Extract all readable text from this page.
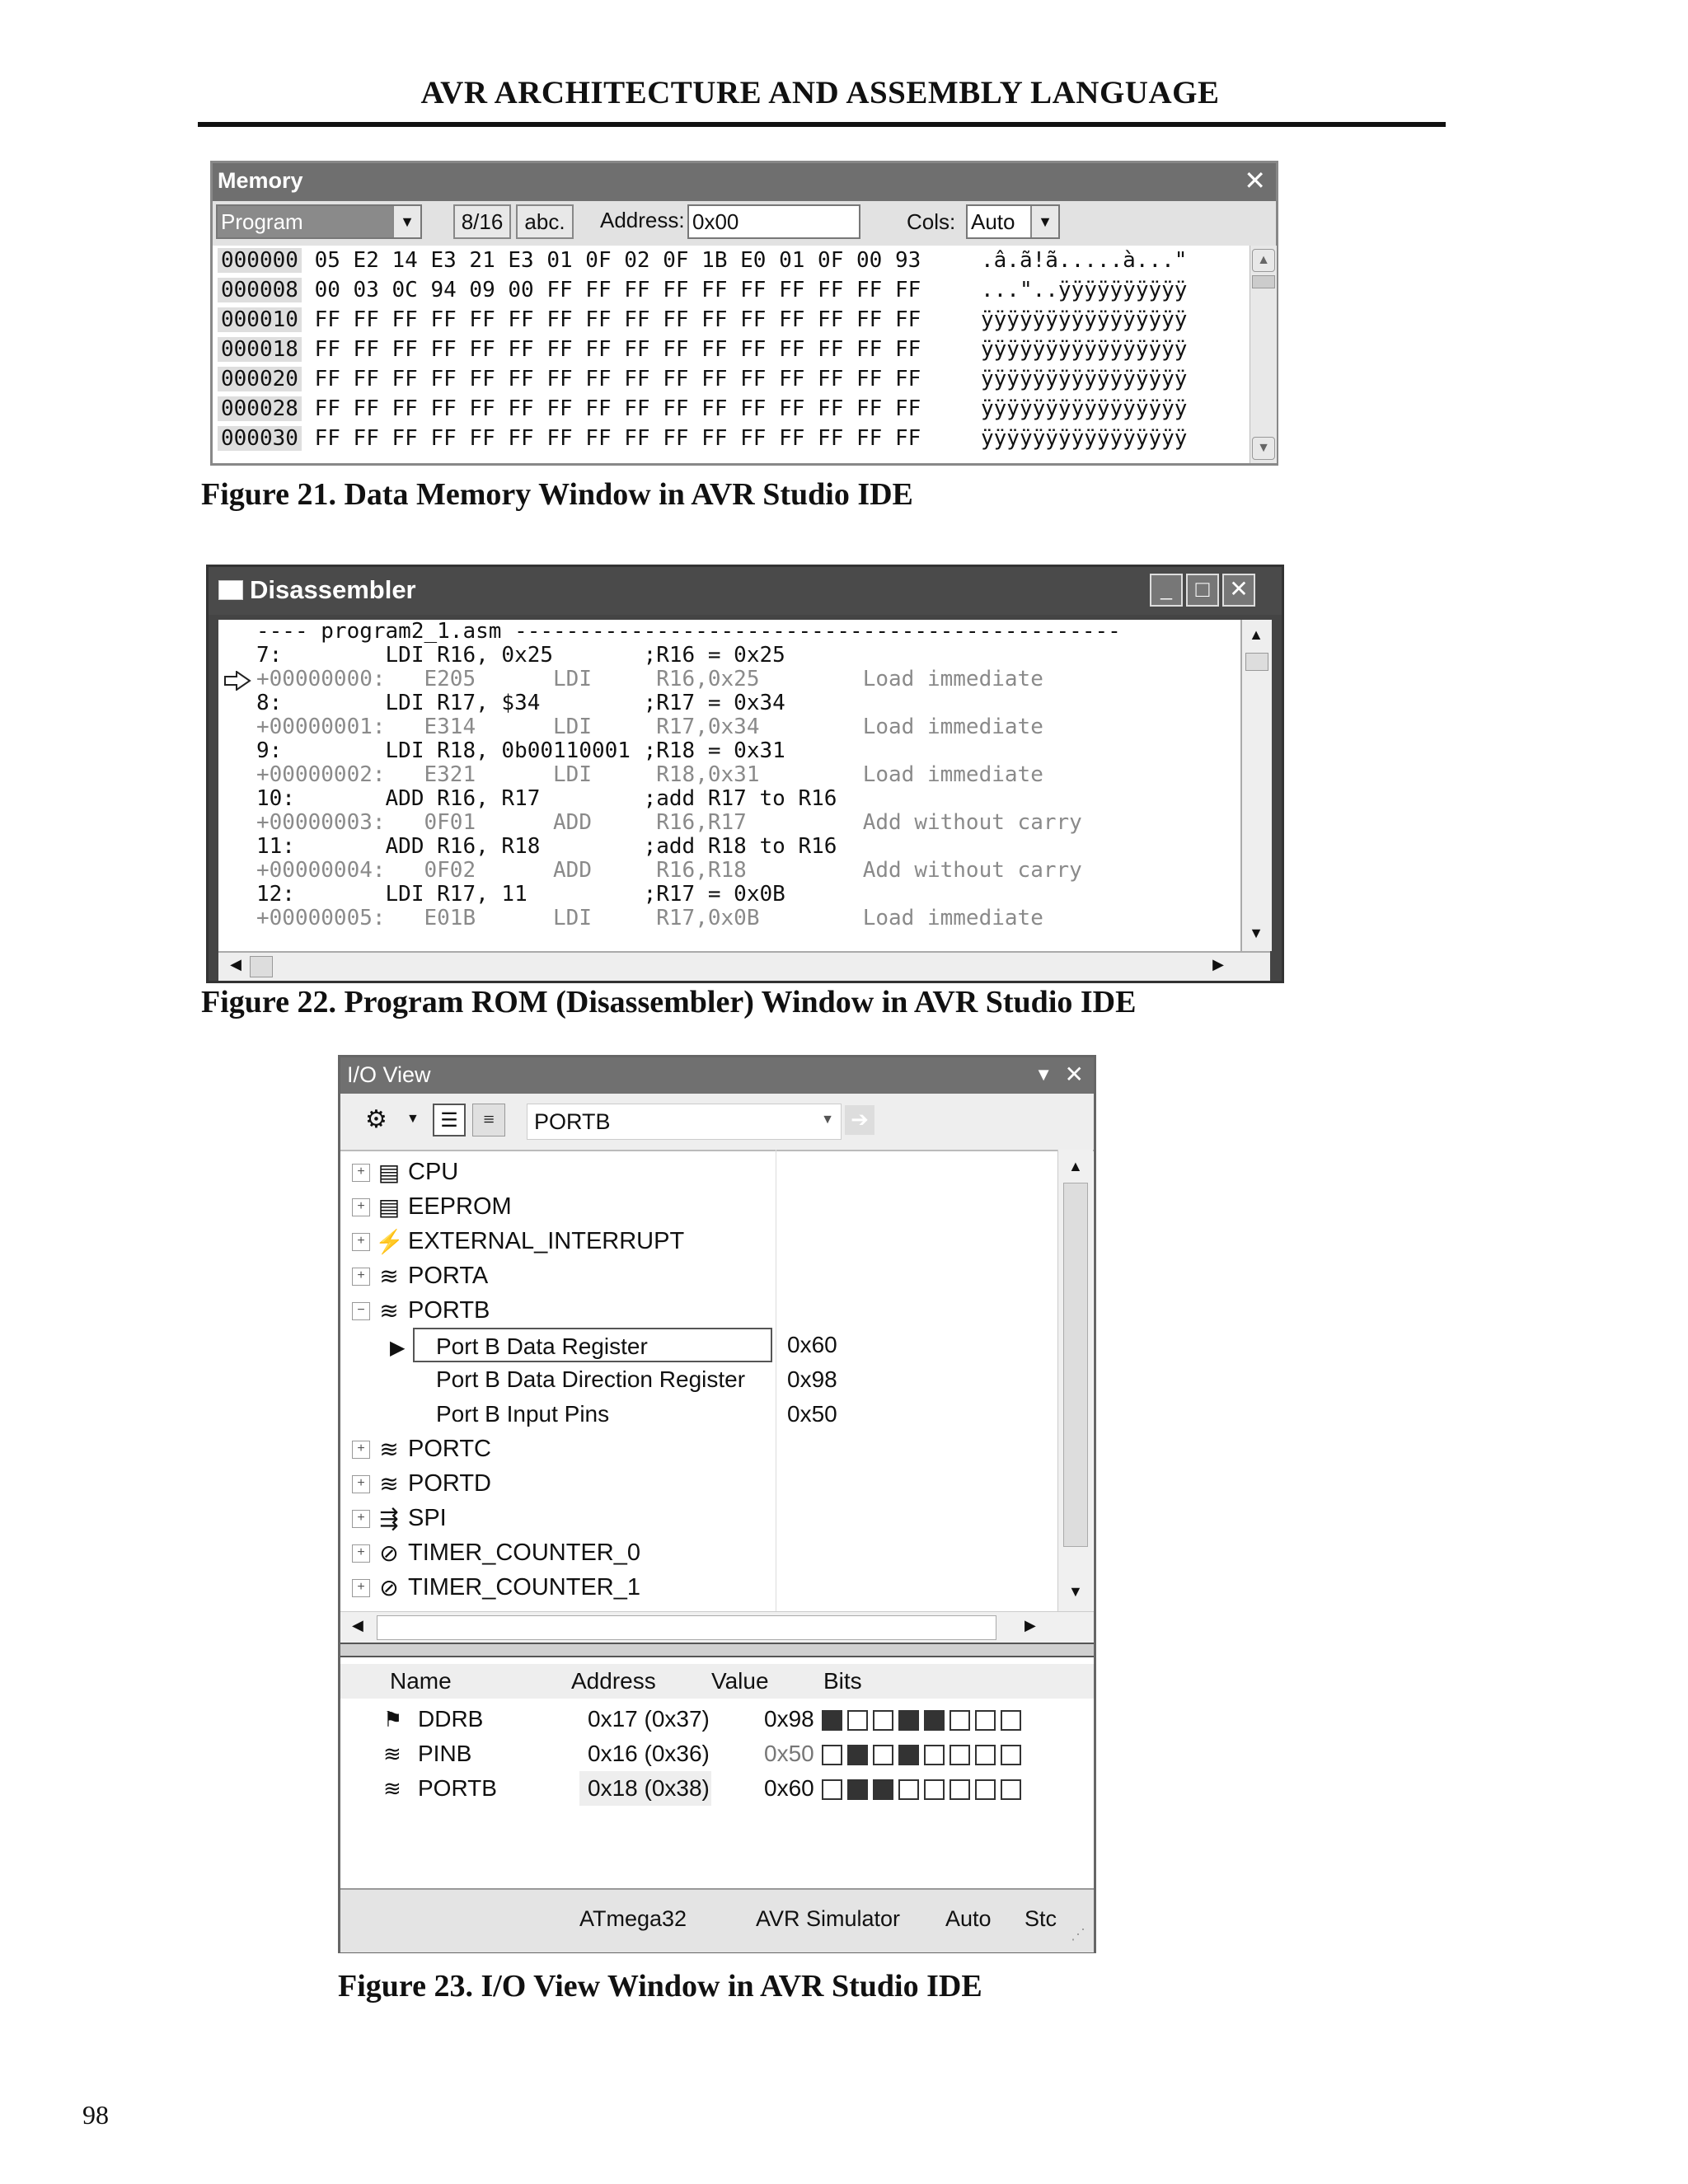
AVR ARCHITECTURE AND ASSEMBLY LANGUAGE
Memory	✕
Program	▼	8/16	abc.	Address: 0x00	Cols: Auto	▼
000000 05 E2 14 E3 21 E3 01 0F 02 0F 1B E0 01 0F 00 93	.â.ã!ã.....à..."
000008 00 03 0C 94 09 00 FF FF FF FF FF FF FF FF FF FF	..."..ÿÿÿÿÿÿÿÿÿÿ
000010 FF FF FF FF FF FF FF FF FF FF FF FF FF FF FF FF	ÿÿÿÿÿÿÿÿÿÿÿÿÿÿÿÿ
000018 FF FF FF FF FF FF FF FF FF FF FF FF FF FF FF FF	ÿÿÿÿÿÿÿÿÿÿÿÿÿÿÿÿ
000020 FF FF FF FF FF FF FF FF FF FF FF FF FF FF FF FF	ÿÿÿÿÿÿÿÿÿÿÿÿÿÿÿÿ
000028 FF FF FF FF FF FF FF FF FF FF FF FF FF FF FF FF	ÿÿÿÿÿÿÿÿÿÿÿÿÿÿÿÿ
000030 FF FF FF FF FF FF FF FF FF FF FF FF FF FF FF FF	ÿÿÿÿÿÿÿÿÿÿÿÿÿÿÿÿ
▲
▼
Figure 21. Data Memory Window in AVR Studio IDE
Disassembler	_	□ ✕
---- program2_1.asm -----------------------------------------------
7:        LDI R16, 0x25       ;R16 = 0x25
+00000000:   E205      LDI     R16,0x25        Load immediate
8:        LDI R17, $34        ;R17 = 0x34
+00000001:   E314      LDI     R17,0x34        Load immediate
9:        LDI R18, 0b00110001 ;R18 = 0x31
+00000002:   E321      LDI     R18,0x31        Load immediate
10:       ADD R16, R17        ;add R17 to R16
+00000003:   0F01      ADD     R16,R17         Add without carry
11:       ADD R16, R18        ;add R18 to R16
+00000004:   0F02      ADD     R16,R18         Add without carry
12:       LDI R17, 11         ;R17 = 0x0B
+00000005:   E01B      LDI     R17,0x0B        Load immediate
▲
▼
◀	▶
Figure 22. Program ROM (Disassembler) Window in AVR Studio IDE
I/O View	▼ ✕
⚙ ▼	☰	≡	PORTB	▼ ➔
+ ▤ CPU
+ ▤ EEPROM
+ ⚡ EXTERNAL_INTERRUPT
+ ≋ PORTA
− ≋ PORTB
▶	Port B Data Register	0x60
Port B Data Direction Register 0x98
Port B Input Pins	0x50
+ ≋ PORTC
+ ≋ PORTD
+ ⇶ SPI
+ ⊘ TIMER_COUNTER_0
+ ⊘ TIMER_COUNTER_1
▲
▼
◀	▶
Name	Address Value Bits
⚑ DDRB	0x17 (0x37) 0x98
≋ PINB	0x16 (0x36) 0x50
≋ PORTB	0x18 (0x38) 0x60
ATmega32	AVR Simulator Auto Stc
⋰
Figure 23. I/O View Window in AVR Studio IDE
98
